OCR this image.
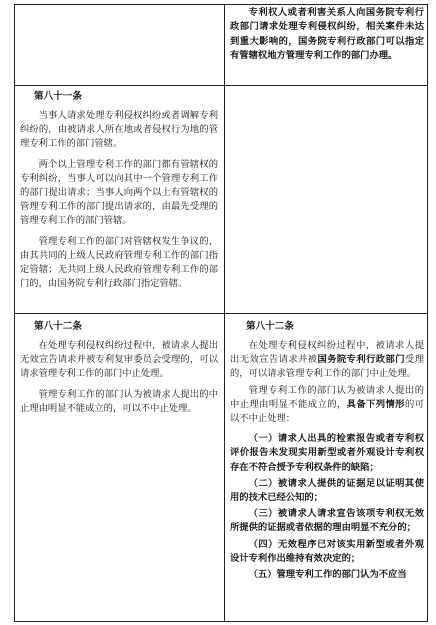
专利权人或者利害关系人向国务院专利行政部门请求处理专利侵权纠纷，相关案件未达到重大影响的，国务院专利行政部门可以指定有管辖权地方管理专利工作的部门办理。

第八十一条

当事人请求处理专利侵权纠纷或者调解专利纠纷的，由被请求人所在地或者侵权行为地的管理专利工作的部门管辖。

两个以上管理专利工作的部门都有管辖权的专利纠纷，当事人可以向其中一个管理专利工作的部门提出请求；当事人向两个以上有管辖权的管理专利工作的部门提出请求的，由最先受理的管理专利工作的部门管辖。

管理专利工作的部门对管辖权发生争议的，由其共同的上级人民政府管理专利工作的部门指定管辖；无共同上级人民政府管理专利工作的部门的，由国务院专利行政部门指定管辖。

第八十二条

在处理专利侵权纠纷过程中，被请求人提出无效宣告请求并被专利复审委员会受理的，可以请求管理专利工作的部门中止处理。

管理专利工作的部门认为被请求人提出的中止理由明显不能成立的，可以不中止处理。

第八十二条

在处理专利侵权纠纷过程中，被请求人提出无效宣告请求并被国务院专利行政部门受理的，可以请求管理专利工作的部门中止处理。

管理专利工作的部门认为被请求人提出的中止理由明显不能成立的，具备下列情形的可以不中止处理：

（一）请求人出具的检索报告或者专利权评价报告未发现实用新型或者外观设计专利权存在不符合授予专利权条件的缺陷；

（二）被请求人提供的证据足以证明其使用的技术已经公知的；

（三）被请求人请求宣告该项专利权无效所提供的证据或者依据的理由明显不充分的；

（四）无效程序已对该实用新型或者外观设计专利作出维持有效决定的；

（五）管理专利工作的部门认为不应当
